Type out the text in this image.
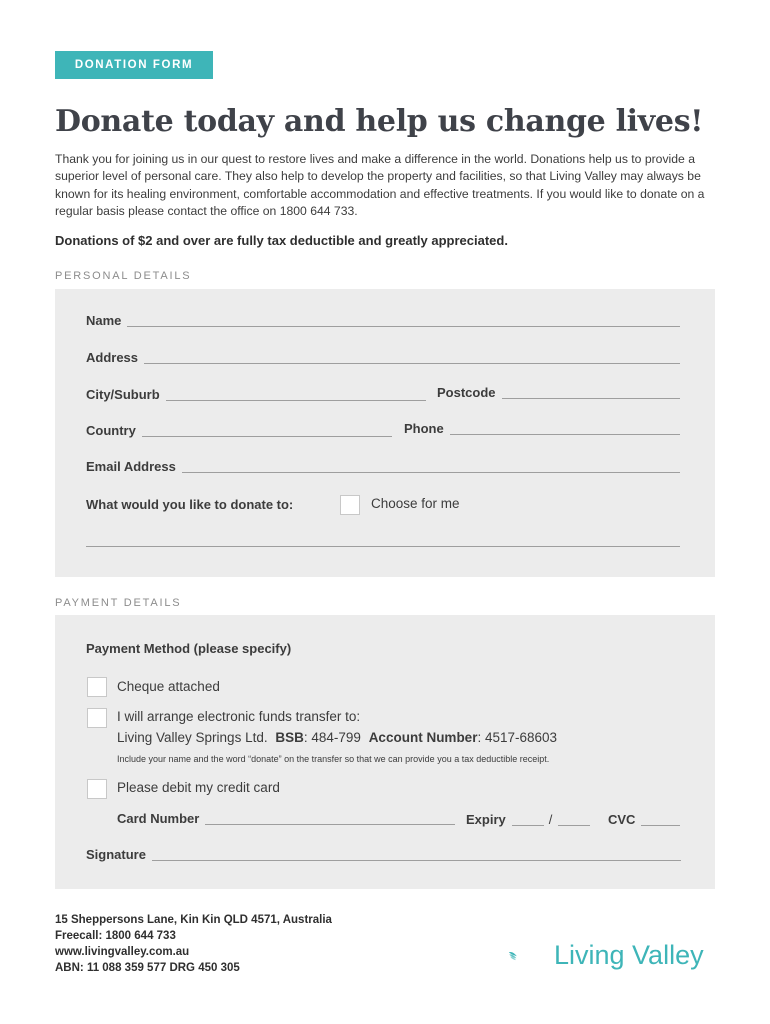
DONATION FORM
Donate today and help us change lives!

Thank you for joining us in our quest to restore lives and make a difference in the world. Donations help us to provide a superior level of personal care. They also help to develop the property and facilities, so that Living Valley may always be known for its healing environment, comfortable accommodation and effective treatments. If you would like to donate on a regular basis please contact the office on 1800 644 733.

Donations of $2 and over are fully tax deductible and greatly appreciated.

PERSONAL DETAILS
Name
Address
City/Suburb	Postcode
Country	Phone
Email Address
What would you like to donate to:	Choose for me
PAYMENT DETAILS
Payment Method (please specify)
Cheque attached
I will arrange electronic funds transfer to:
Living Valley Springs Ltd. BSB: 484-799 Account Number: 4517-68603
Include your name and the word “donate” on the transfer so that we can provide you a tax deductible receipt.
Please debit my credit card
Card Number	Expiry	/	CVC
Signature
15 Sheppersons Lane, Kin Kin QLD 4571, Australia
Freecall: 1800 644 733
www.livingvalley.com.au
ABN: 11 088 359 577 DRG 450 305	Living Valley
